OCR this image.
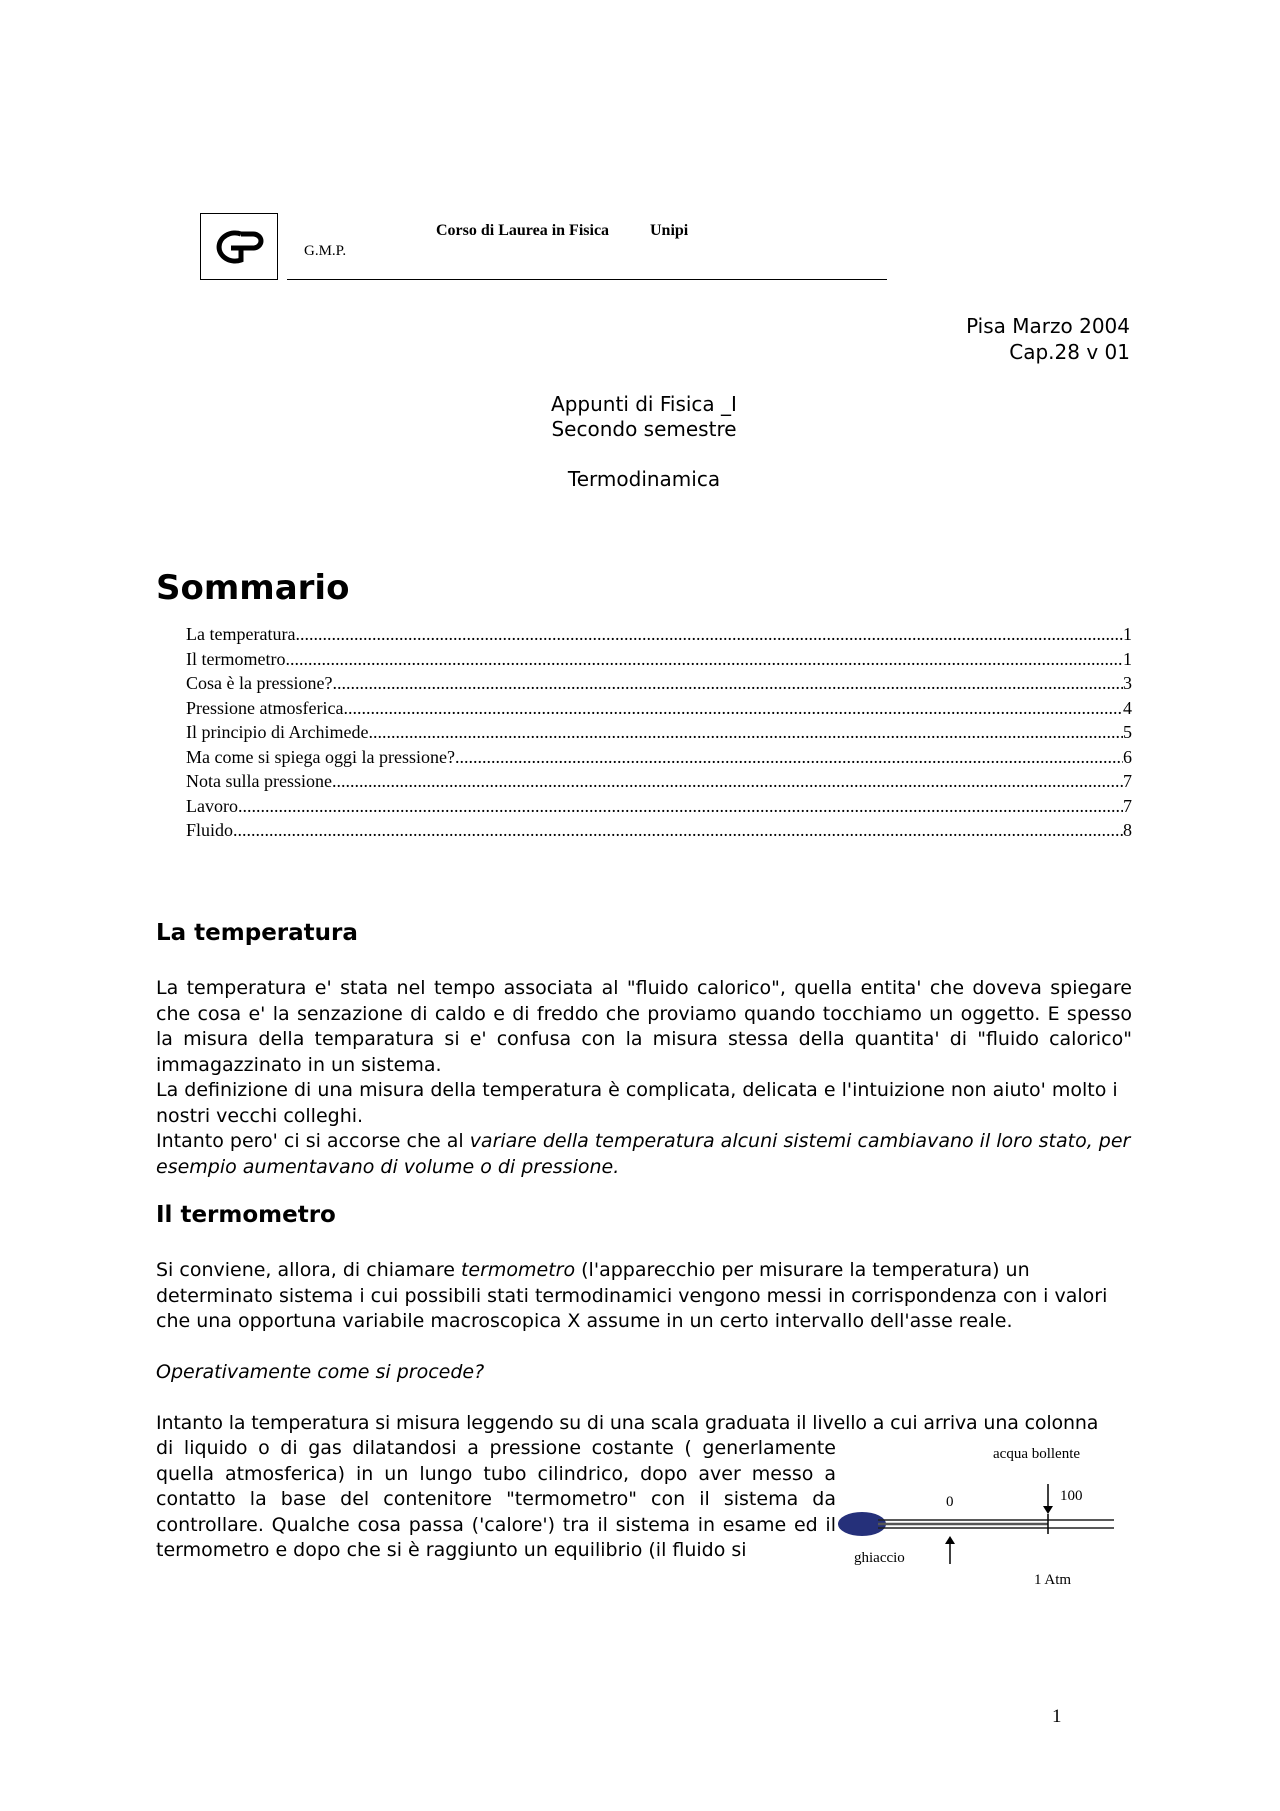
G.M.P.
Corso di Laurea in Fisica	Unipi
Pisa Marzo 2004
Cap.28 v 01
Appunti di Fisica _I
Secondo semestre
Termodinamica
Sommario
La temperatura .....	1
Il termometro .....	1
Cosa è la pressione? .....	3
Pressione atmosferica .....	4
Il principio di Archimede .....	5
Ma come si spiega oggi la pressione? .....	6
Nota sulla pressione .....	7
Lavoro .....	7
Fluido .....	8
La temperatura

La temperatura e' stata nel tempo associata al "fluido calorico", quella entita' che doveva spiegare che cosa e' la senzazione di caldo e di freddo che proviamo quando tocchiamo un oggetto. E spesso la misura della temparatura si e' confusa con la misura stessa della quantita' di "fluido calorico" immagazzinato in un sistema.

La definizione di una misura della temperatura è complicata, delicata e l'intuizione non aiuto' molto i nostri vecchi colleghi.

Intanto pero' ci si accorse che al variare della temperatura alcuni sistemi cambiavano il loro stato, per esempio aumentavano di volume o di pressione.

Il termometro

Si conviene, allora, di chiamare termometro (l'apparecchio per misurare la temperatura) un determinato sistema i cui possibili stati termodinamici vengono messi in corrispondenza con i valori che una opportuna variabile macroscopica X assume in un certo intervallo dell'asse reale.

Operativamente come si procede?

Intanto la temperatura si misura leggendo su di una scala graduata il livello a cui arriva una colonna

di liquido o di gas dilatandosi a pressione costante ( generlamente quella atmosferica) in un lungo tubo cilindrico, dopo aver messo a contatto la base del contenitore "termometro" con il sistema da controllare. Qualche cosa passa ('calore') tra il sistema in esame ed il termometro e dopo che si è raggiunto un equilibrio (il fluido si

acqua bollente
0	100
ghiaccio
1 Atm
1
